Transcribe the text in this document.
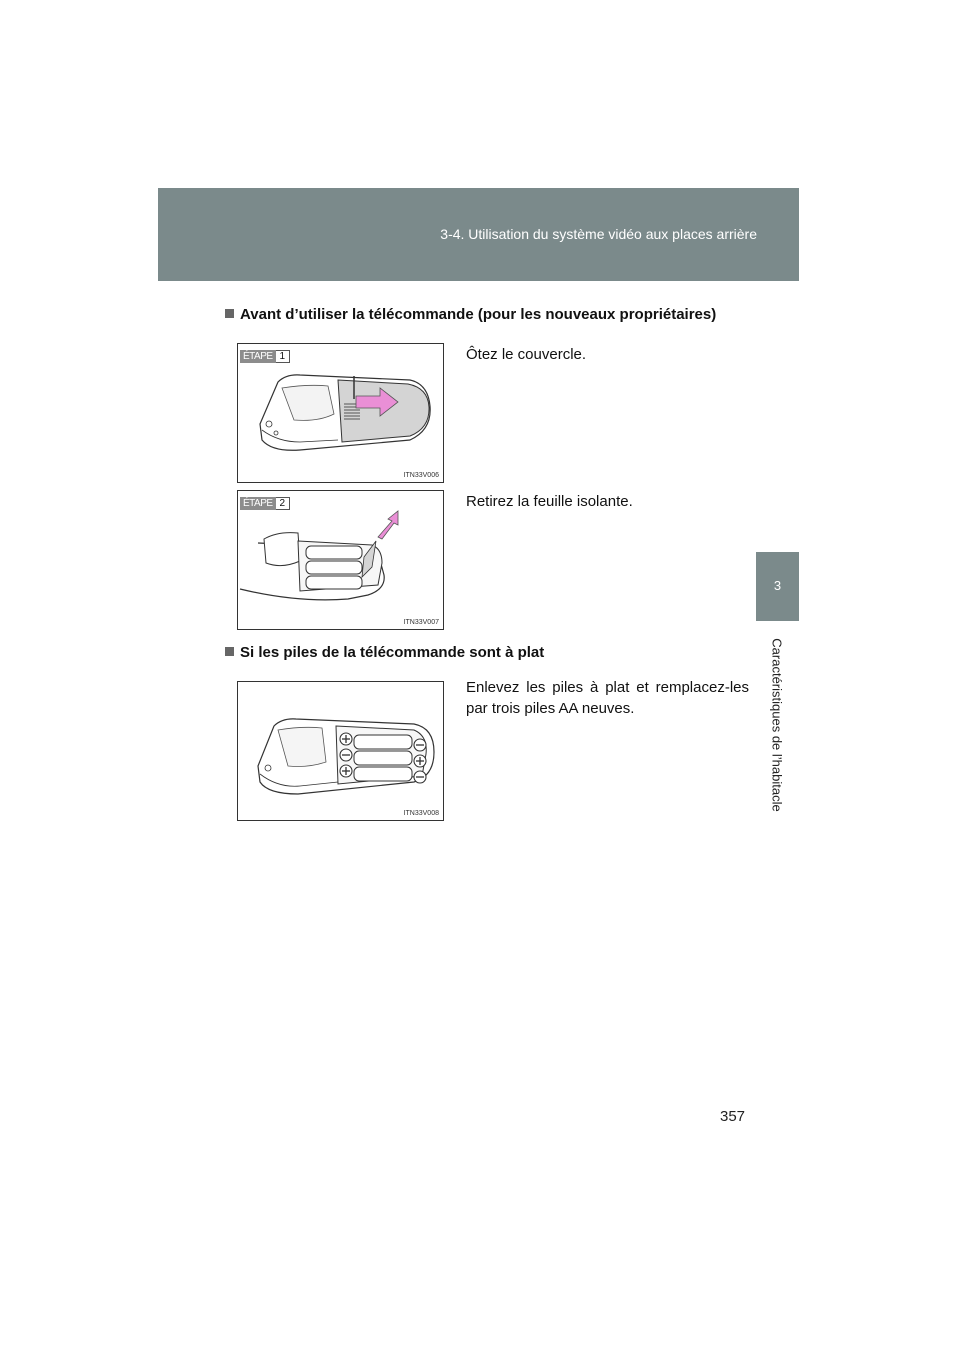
3-4. Utilisation du système vidéo aux places arrière
3
Caractéristiques de l’habitacle
Avant d’utiliser la télécommande (pour les nouveaux propriétaires)
ÉTAPE 1
ITN33V006
Ôtez le couvercle.
ÉTAPE 2
ITN33V007
Retirez la feuille isolante.
Si les piles de la télécommande sont à plat
ITN33V008
Enlevez les piles à plat et remplacez-les par trois piles AA neuves.
357
